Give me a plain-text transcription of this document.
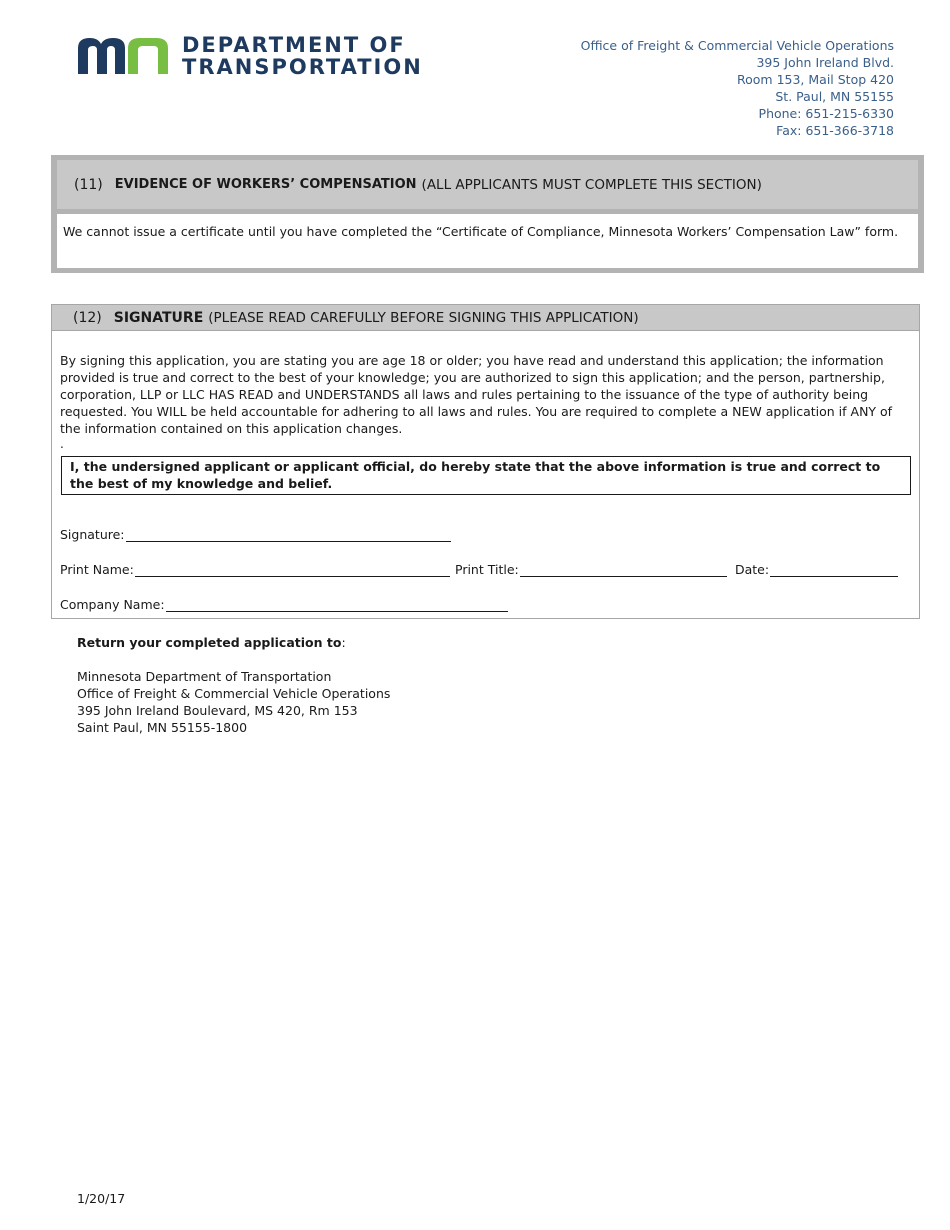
DEPARTMENT OF
TRANSPORTATION
Office of Freight & Commercial Vehicle Operations
395 John Ireland Blvd.
Room 153, Mail Stop 420
St. Paul, MN 55155
Phone: 651-215-6330
Fax: 651-366-3718
(11) EVIDENCE OF WORKERS’ COMPENSATION (ALL APPLICANTS MUST COMPLETE THIS SECTION)
We cannot issue a certificate until you have completed the “Certificate of Compliance, Minnesota Workers’ Compensation Law” form.
(12) SIGNATURE (PLEASE READ CAREFULLY BEFORE SIGNING THIS APPLICATION)
By signing this application, you are stating you are age 18 or older; you have read and understand this application; the information provided is true and correct to the best of your knowledge; you are authorized to sign this application; and the person, partnership, corporation, LLP or LLC HAS READ and UNDERSTANDS all laws and rules pertaining to the issuance of the type of authority being requested. You WILL be held accountable for adhering to all laws and rules. You are required to complete a NEW application if ANY of the information contained on this application changes.
.
I, the undersigned applicant or applicant official, do hereby state that the above information is true and correct to the best of my knowledge and belief.
Signature:
Print Name:	Print Title:	Date:
Company Name:
Return your completed application to:
Minnesota Department of Transportation
Office of Freight & Commercial Vehicle Operations
395 John Ireland Boulevard, MS 420, Rm 153
Saint Paul, MN 55155-1800
1/20/17
